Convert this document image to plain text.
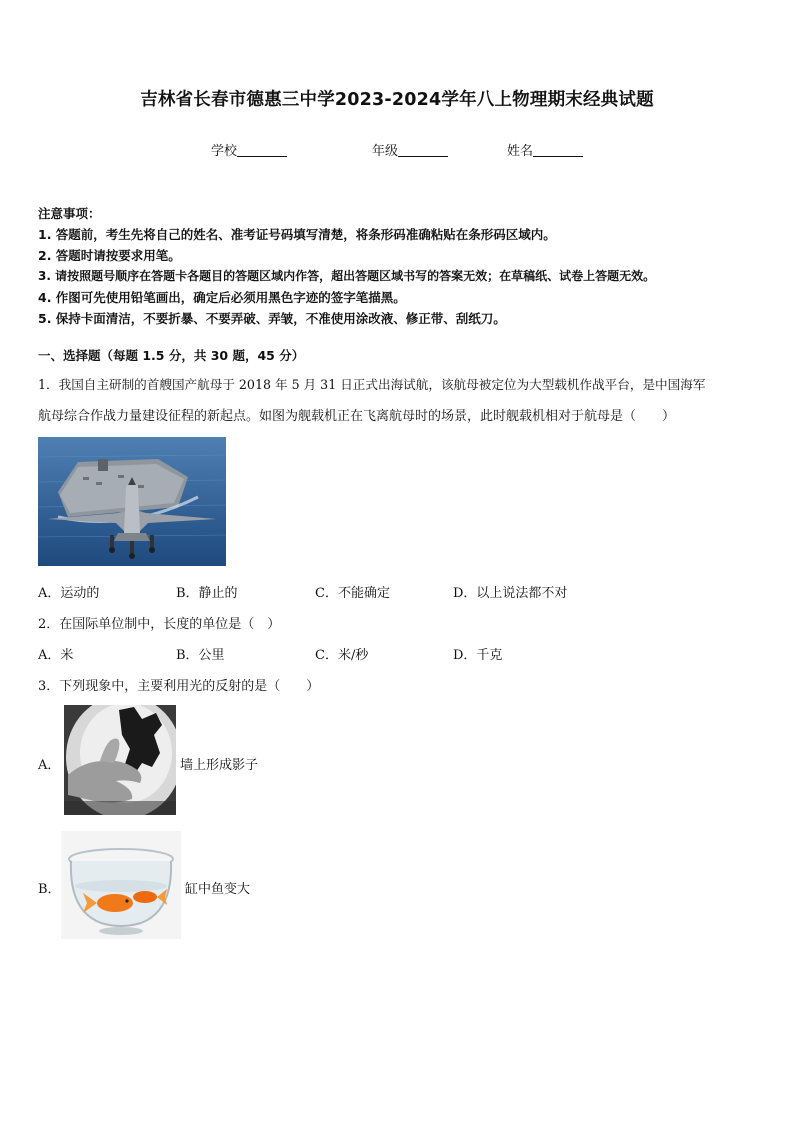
吉林省长春市德惠三中学2023-2024学年八上物理期末经典试题
学校	年级	姓名
注意事项：
1. 答题前，考生先将自己的姓名、准考证号码填写清楚，将条形码准确粘贴在条形码区域内。
2. 答题时请按要求用笔。
3. 请按照题号顺序在答题卡各题目的答题区域内作答，超出答题区域书写的答案无效；在草稿纸、试卷上答题无效。
4. 作图可先使用铅笔画出，确定后必须用黑色字迹的签字笔描黑。
5. 保持卡面清洁，不要折暴、不要弄破、弄皱，不准使用涂改液、修正带、刮纸刀。
一、选择题（每题 1.5 分，共 30 题，45 分）
1．我国自主研制的首艘国产航母于 2018 年 5 月 31 日正式出海试航，该航母被定位为大型载机作战平台，是中国海军
航母综合作战力量建设征程的新起点。如图为舰载机正在飞离航母时的场景，此时舰载机相对于航母是（　　）
A．运动的	B．静止的	C．不能确定	D．以上说法都不对
2．在国际单位制中，长度的单位是（　）
A．米	B．公里	C．米/秒	D．千克
3．下列现象中，主要利用光的反射的是（　　）
A．	墙上形成影子
B．	缸中鱼变大
